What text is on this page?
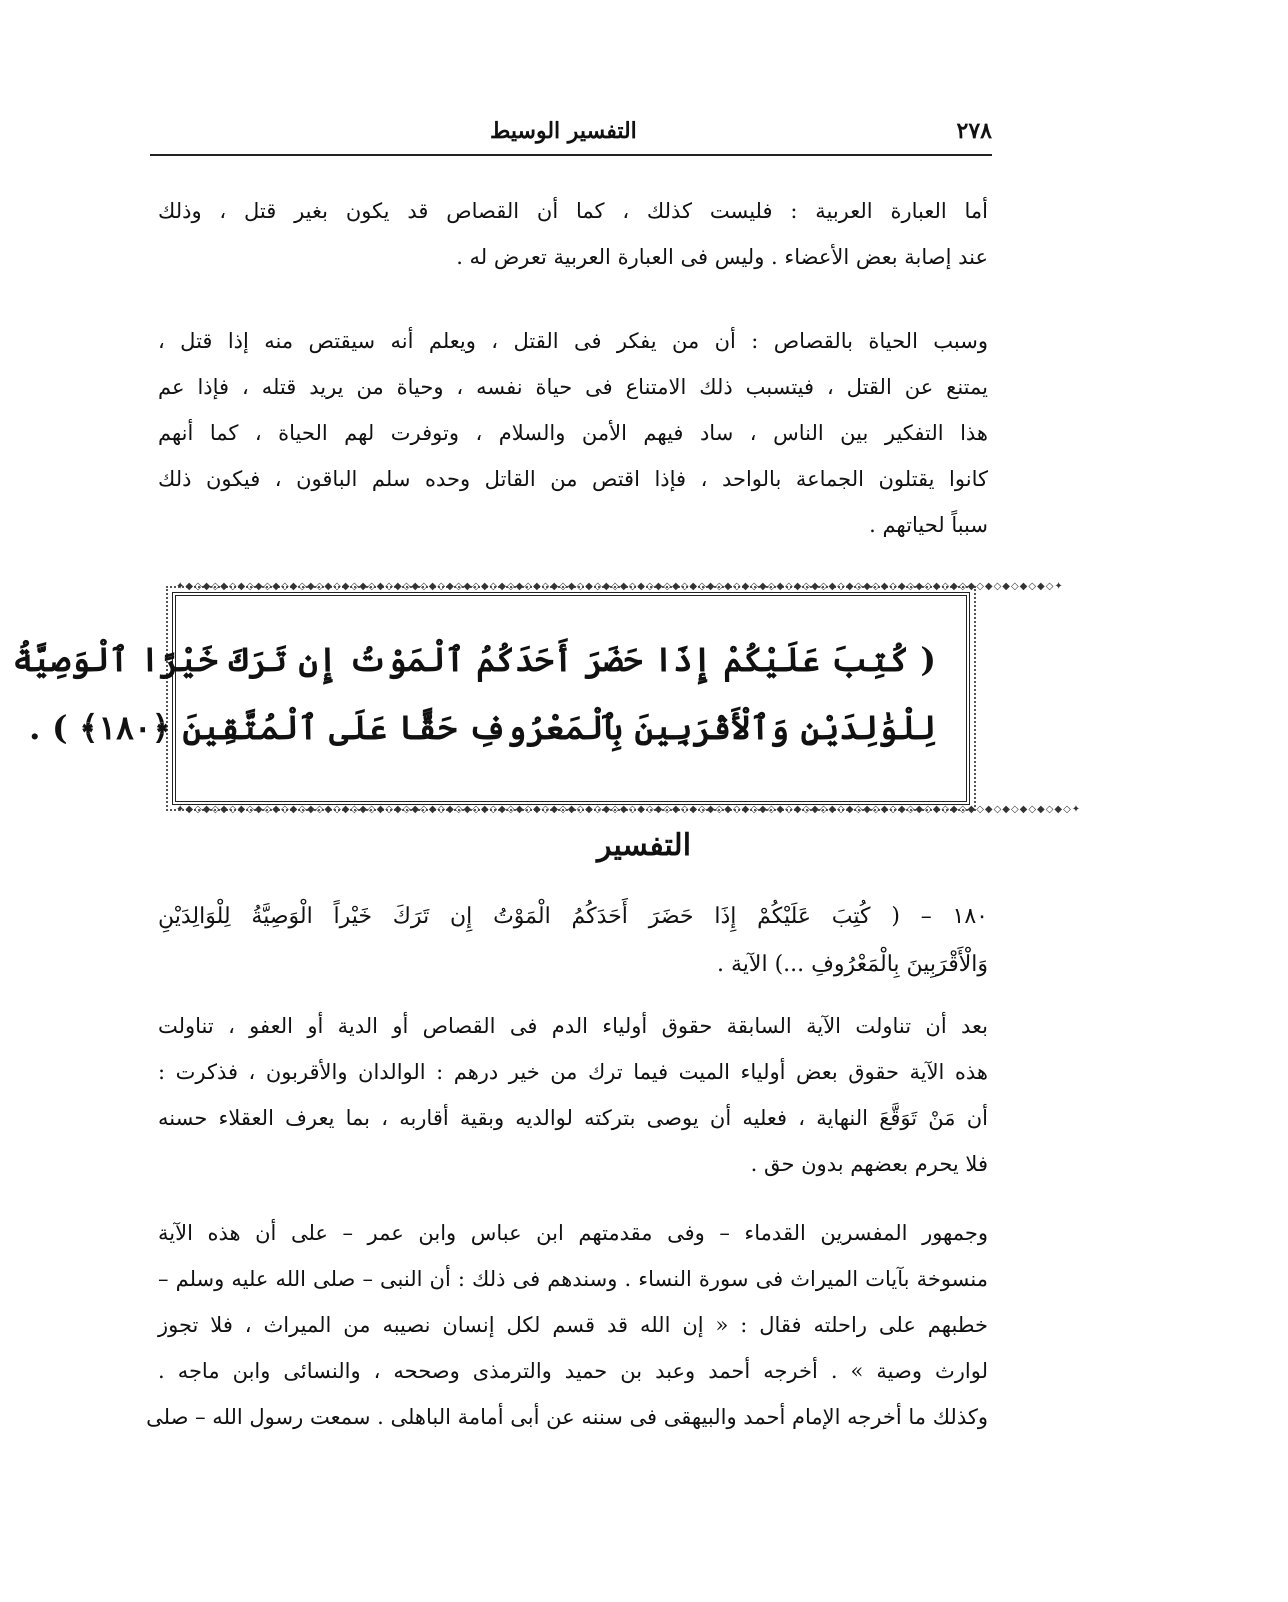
٢٧٨
التفسير الوسيط
أما العبارة العربية : فليست كذلك ، كما أن القصاص قد يكون بغير قتل ، وذلك
عند إصابة بعض الأعضاء . وليس فى العبارة العربية تعرض له .
وسبب الحياة بالقصاص : أن من يفكر فى القتل ، ويعلم أنه سيقتص منه إذا قتل ،
يمتنع عن القتل ، فيتسبب ذلك الامتناع فى حياة نفسه ، وحياة من يريد قتله ، فإذا عم
هذا التفكير بين الناس ، ساد فيهم الأمن والسلام ، وتوفرت لهم الحياة ، كما أنهم
كانوا يقتلون الجماعة بالواحد ، فإذا اقتص من القاتل وحده سلم الباقون ، فيكون ذلك
سبباً لحياتهم .
✦◆◇◆◇◆◇◆◇◆◇◆◇◆◇◆◇◆◇◆◇◆◇◆◇◆◇◆◇◆◇◆◇◆◇◆◇◆◇◆◇◆◇◆◇◆◇◆◇◆◇◆◇◆◇◆◇◆◇◆◇◆◇◆◇◆◇◆◇◆◇◆◇◆◇◆◇◆◇◆◇◆◇◆◇◆◇◆◇◆◇◆◇◆◇◆◇◆◇◆◇✦
( كُتِبَ عَلَيْكُمْ إِذَا حَضَرَ أَحَدَكُمُ ٱلْمَوْتُ إِن تَرَكَ خَيْرًا ٱلْوَصِيَّةُ
لِلْوَٰلِدَيْنِ وَٱلْأَقْرَبِينَ بِٱلْمَعْرُوفِ حَقًّا عَلَى ٱلْمُتَّقِينَ ﴿١٨٠﴾ ) .
✦◆◇◆◇◆◇◆◇◆◇◆◇◆◇◆◇◆◇◆◇◆◇◆◇◆◇◆◇◆◇◆◇◆◇◆◇◆◇◆◇◆◇◆◇◆◇◆◇◆◇◆◇◆◇◆◇◆◇◆◇◆◇◆◇◆◇◆◇◆◇◆◇◆◇◆◇◆◇◆◇◆◇◆◇◆◇◆◇◆◇◆◇◆◇◆◇◆◇◆◇◆◇✦
التفسير
١٨٠ – ( كُتِبَ عَلَيْكُمْ إِذَا حَضَرَ أَحَدَكُمُ الْمَوْتُ إِن تَرَكَ خَيْراً الْوَصِيَّةُ لِلْوَالِدَيْنِ
وَالْأَقْرَبِينَ بِالْمَعْرُوفِ ...) الآية .
بعد أن تناولت الآية السابقة حقوق أولياء الدم فى القصاص أو الدية أو العفو ، تناولت
هذه الآية حقوق بعض أولياء الميت فيما ترك من خير درهم : الوالدان والأقربون ، فذكرت :
أن مَنْ تَوَقَّعَ النهاية ، فعليه أن يوصى بتركته لوالديه وبقية أقاربه ، بما يعرف العقلاء حسنه
فلا يحرم بعضهم بدون حق .
وجمهور المفسرين القدماء – وفى مقدمتهم ابن عباس وابن عمر – على أن هذه الآية
منسوخة بآيات الميراث فى سورة النساء . وسندهم فى ذلك : أن النبى – صلى الله عليه وسلم –
خطبهم على راحلته فقال : « إن الله قد قسم لكل إنسان نصيبه من الميراث ، فلا تجوز
لوارث وصية » . أخرجه أحمد وعبد بن حميد والترمذى وصححه ، والنسائى وابن ماجه .
وكذلك ما أخرجه الإمام أحمد والبيهقى فى سننه عن أبى أمامة الباهلى . سمعت رسول الله – صلى
